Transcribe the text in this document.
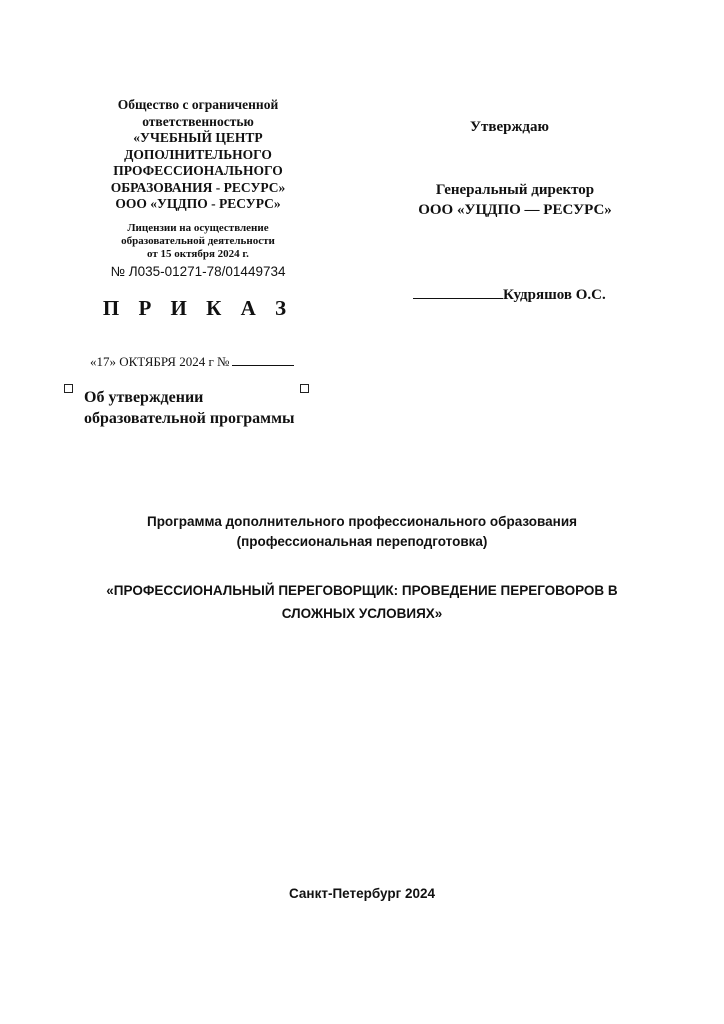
Общество с ограниченной
ответственностью
«УЧЕБНЫЙ ЦЕНТР
ДОПОЛНИТЕЛЬНОГО
ПРОФЕССИОНАЛЬНОГО
ОБРАЗОВАНИЯ - РЕСУРС»
ООО «УЦДПО - РЕСУРС»
Лицензии на осуществление
образовательной деятельности
от 15 октября 2024 г.
№ Л035-01271-78/01449734
П Р И К А З
«17» ОКТЯБРЯ 2024 г №
Об утверждении
образовательной программы
Утверждаю
Генеральный директор
ООО «УЦДПО — РЕСУРС»
Кудряшов О.С.
Программа дополнительного профессионального образования
(профессиональная переподготовка)
«ПРОФЕССИОНАЛЬНЫЙ ПЕРЕГОВОРЩИК: ПРОВЕДЕНИЕ ПЕРЕГОВОРОВ В
СЛОЖНЫХ УСЛОВИЯХ»
Санкт-Петербург 2024
